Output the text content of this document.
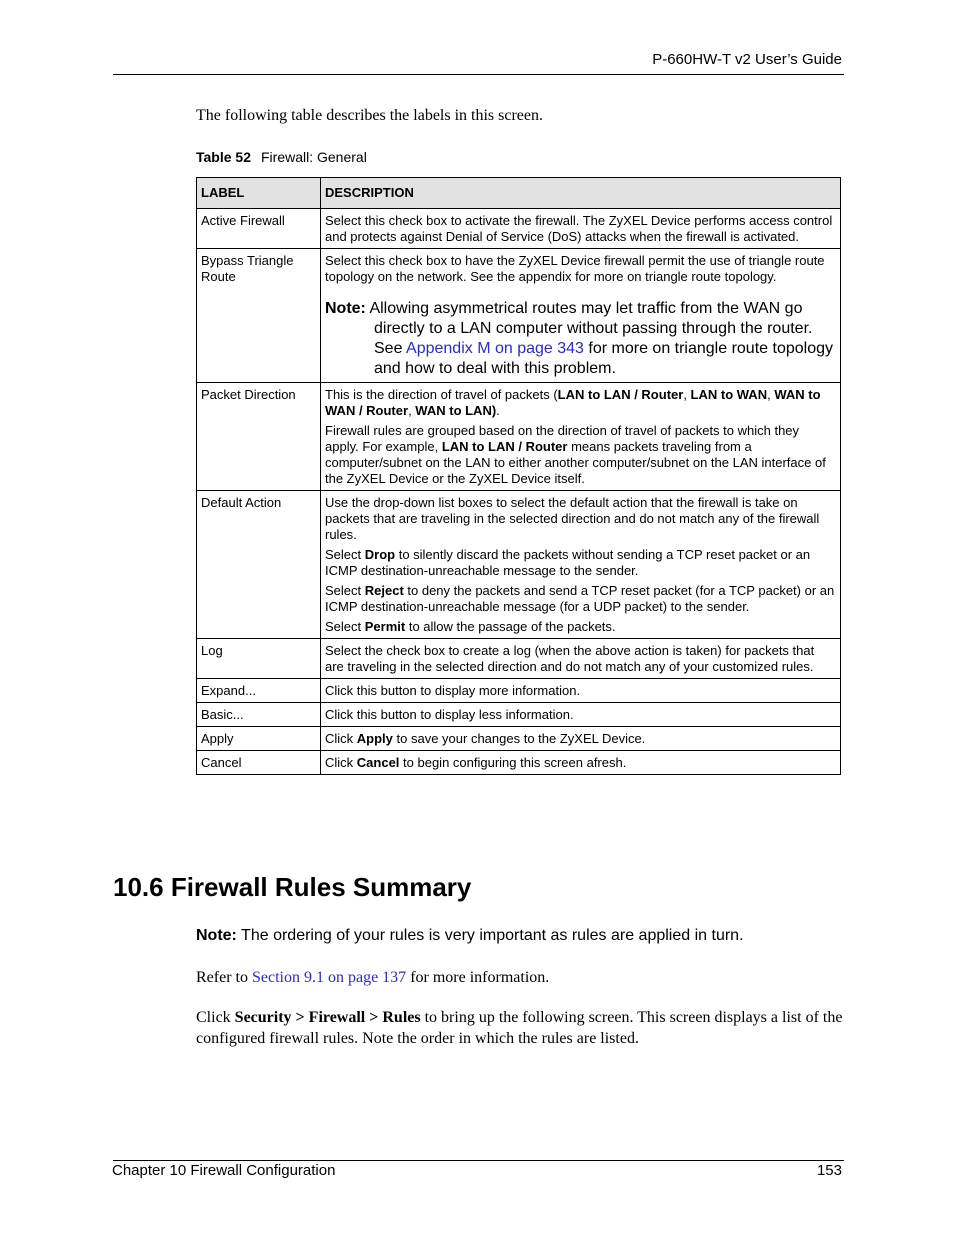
P-660HW-T v2 User’s Guide
The following table describes the labels in this screen.
Table 52 Firewall: General
LABEL	DESCRIPTION
Active Firewall	Select this check box to activate the firewall. The ZyXEL Device performs access control and protects against Denial of Service (DoS) attacks when the firewall is activated.
Bypass Triangle Route	Select this check box to have the ZyXEL Device firewall permit the use of triangle route topology on the network. See the appendix for more on triangle route topology.

Note: Allowing asymmetrical routes may let traffic from the WAN go directly to a LAN computer without passing through the router. See Appendix M on page 343 for more on triangle route topology and how to deal with this problem.

Packet Direction	This is the direction of travel of packets (LAN to LAN / Router, LAN to WAN, WAN to WAN / Router, WAN to LAN).

Firewall rules are grouped based on the direction of travel of packets to which they apply. For example, LAN to LAN / Router means packets traveling from a computer/subnet on the LAN to either another computer/subnet on the LAN interface of the ZyXEL Device or the ZyXEL Device itself.

Default Action	Use the drop-down list boxes to select the default action that the firewall is take on packets that are traveling in the selected direction and do not match any of the firewall rules.

Select Drop to silently discard the packets without sending a TCP reset packet or an ICMP destination-unreachable message to the sender.

Select Reject to deny the packets and send a TCP reset packet (for a TCP packet) or an ICMP destination-unreachable message (for a UDP packet) to the sender.

Select Permit to allow the passage of the packets.

Log	Select the check box to create a log (when the above action is taken) for packets that are traveling in the selected direction and do not match any of your customized rules.
Expand...	Click this button to display more information.
Basic...	Click this button to display less information.
Apply	Click Apply to save your changes to the ZyXEL Device.
Cancel	Click Cancel to begin configuring this screen afresh.
10.6 Firewall Rules Summary
Note: The ordering of your rules is very important as rules are applied in turn.
Refer to Section 9.1 on page 137 for more information.
Click Security > Firewall > Rules to bring up the following screen. This screen displays a list of the configured firewall rules. Note the order in which the rules are listed.
Chapter 10 Firewall Configuration	153
